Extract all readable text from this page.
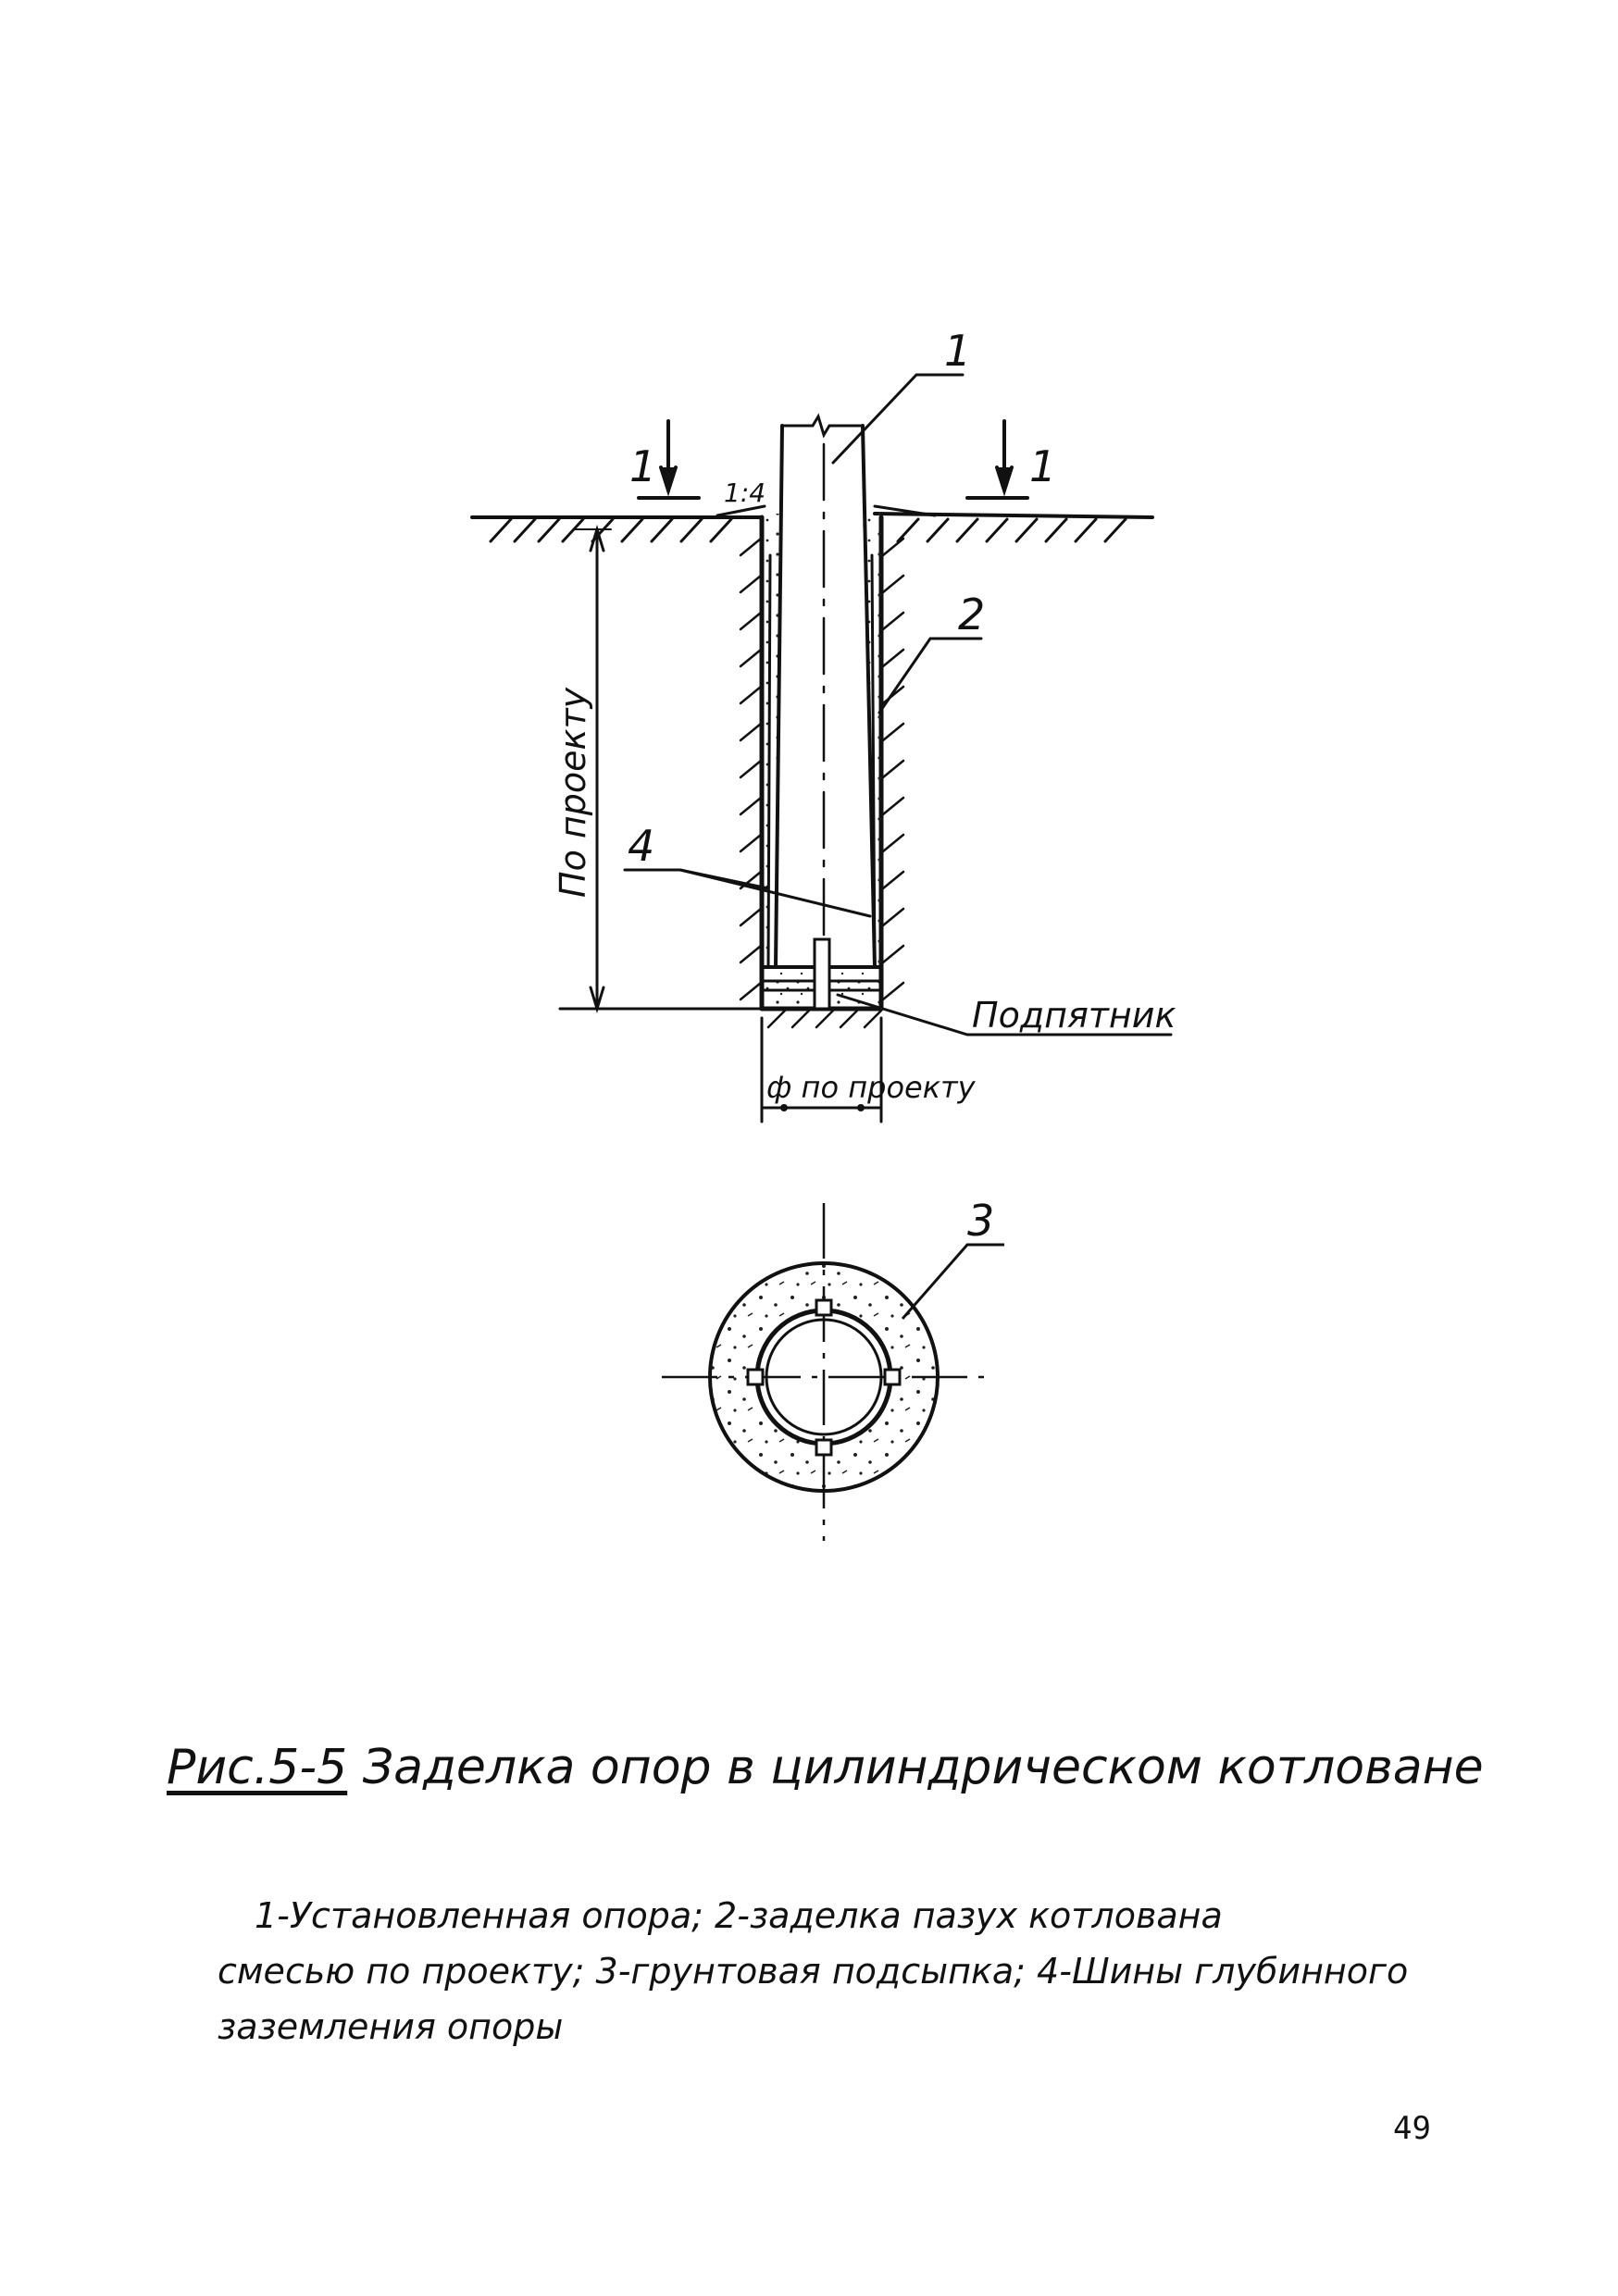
1
1	1
1:4
2
4
Подпятник
По проекту
ф по проекту
3
Рис.5-5 Заделка опор в цилиндрическом котловане
1-Установленная опора; 2-заделка пазух котлована
смесью по проекту; 3-грунтовая подсыпка; 4-Шины глубинного
заземления опоры
49
